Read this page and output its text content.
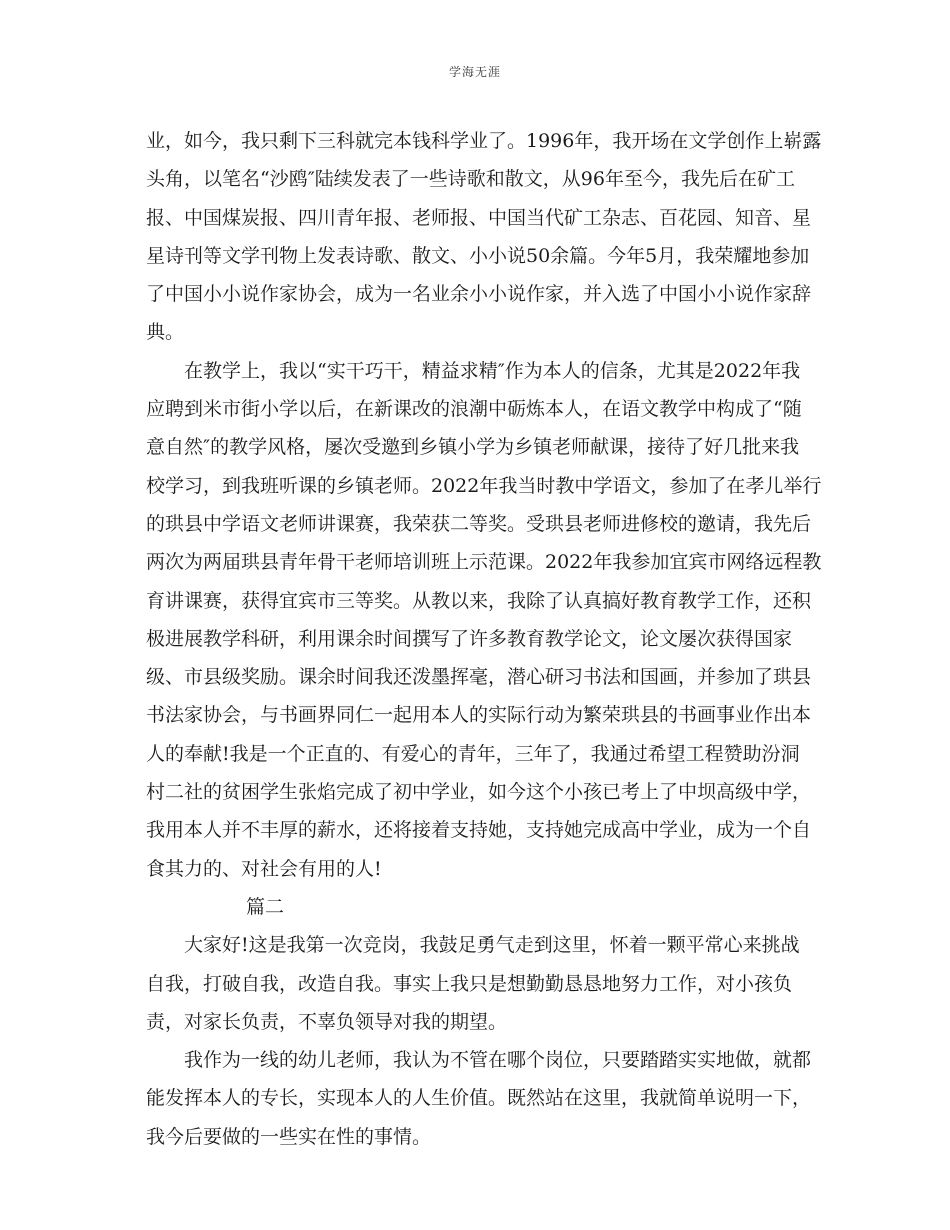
学海无涯
业，如今，我只剩下三科就完本钱科学业了。1996年，我开场在文学创作上崭露
头角，以笔名“沙鸥″陆续发表了一些诗歌和散文，从96年至今，我先后在矿工
报、中国煤炭报、四川青年报、老师报、中国当代矿工杂志、百花园、知音、星
星诗刊等文学刊物上发表诗歌、散文、小小说50余篇。今年5月，我荣耀地参加
了中国小小说作家协会，成为一名业余小小说作家，并入选了中国小小说作家辞
典。
在教学上，我以“实干巧干，精益求精″作为本人的信条，尤其是2022年我
应聘到米市街小学以后，在新课改的浪潮中砺炼本人，在语文教学中构成了“随
意自然″的教学风格，屡次受邀到乡镇小学为乡镇老师献课，接待了好几批来我
校学习，到我班听课的乡镇老师。2022年我当时教中学语文，参加了在孝儿举行
的珙县中学语文老师讲课赛，我荣获二等奖。受珙县老师进修校的邀请，我先后
两次为两届珙县青年骨干老师培训班上示范课。2022年我参加宜宾市网络远程教
育讲课赛，获得宜宾市三等奖。从教以来，我除了认真搞好教育教学工作，还积
极进展教学科研，利用课余时间撰写了许多教育教学论文，论文屡次获得国家
级、市县级奖励。课余时间我还泼墨挥毫，潜心研习书法和国画，并参加了珙县
书法家协会，与书画界同仁一起用本人的实际行动为繁荣珙县的书画事业作出本
人的奉献!我是一个正直的、有爱心的青年，三年了，我通过希望工程赞助汾洞
村二社的贫困学生张焰完成了初中学业，如今这个小孩已考上了中坝高级中学，
我用本人并不丰厚的薪水，还将接着支持她，支持她完成高中学业，成为一个自
食其力的、对社会有用的人!
篇二
大家好!这是我第一次竞岗，我鼓足勇气走到这里，怀着一颗平常心来挑战
自我，打破自我，改造自我。事实上我只是想勤勤恳恳地努力工作，对小孩负
责，对家长负责，不辜负领导对我的期望。
我作为一线的幼儿老师，我认为不管在哪个岗位，只要踏踏实实地做，就都
能发挥本人的专长，实现本人的人生价值。既然站在这里，我就简单说明一下，
我今后要做的一些实在性的事情。
